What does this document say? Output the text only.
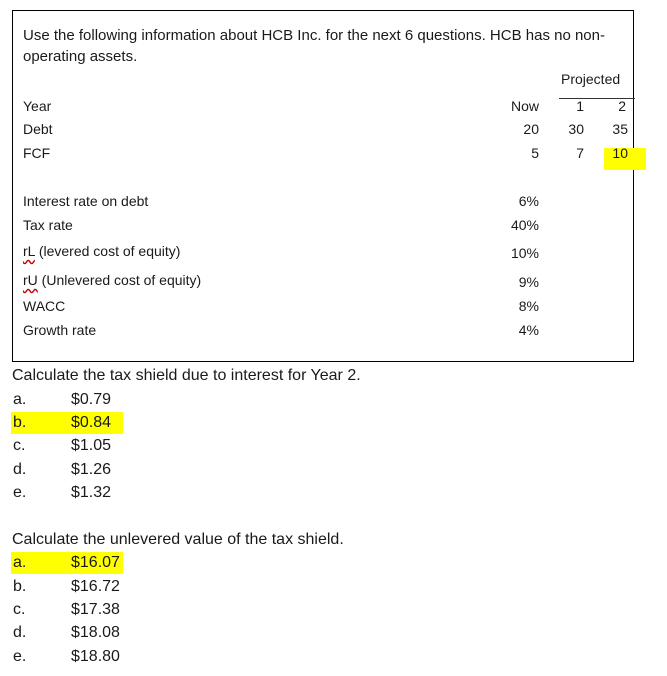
Use the following information about HCB Inc. for the next 6 questions. HCB has no non-operating assets.
Projected
Year	Now	1	2
Debt	20	30	35
FCF	5	7	10
Interest rate on debt	6%
Tax rate	40%
rL (levered cost of equity)	10%
rU (Unlevered cost of equity)	9%
WACC	8%
Growth rate	4%
Calculate the tax shield due to interest for Year 2.
a.	$0.79
b.	$0.84
c.	$1.05
d.	$1.26
e.	$1.32
Calculate the unlevered value of the tax shield.
a.	$16.07
b.	$16.72
c.	$17.38
d.	$18.08
e.	$18.80
